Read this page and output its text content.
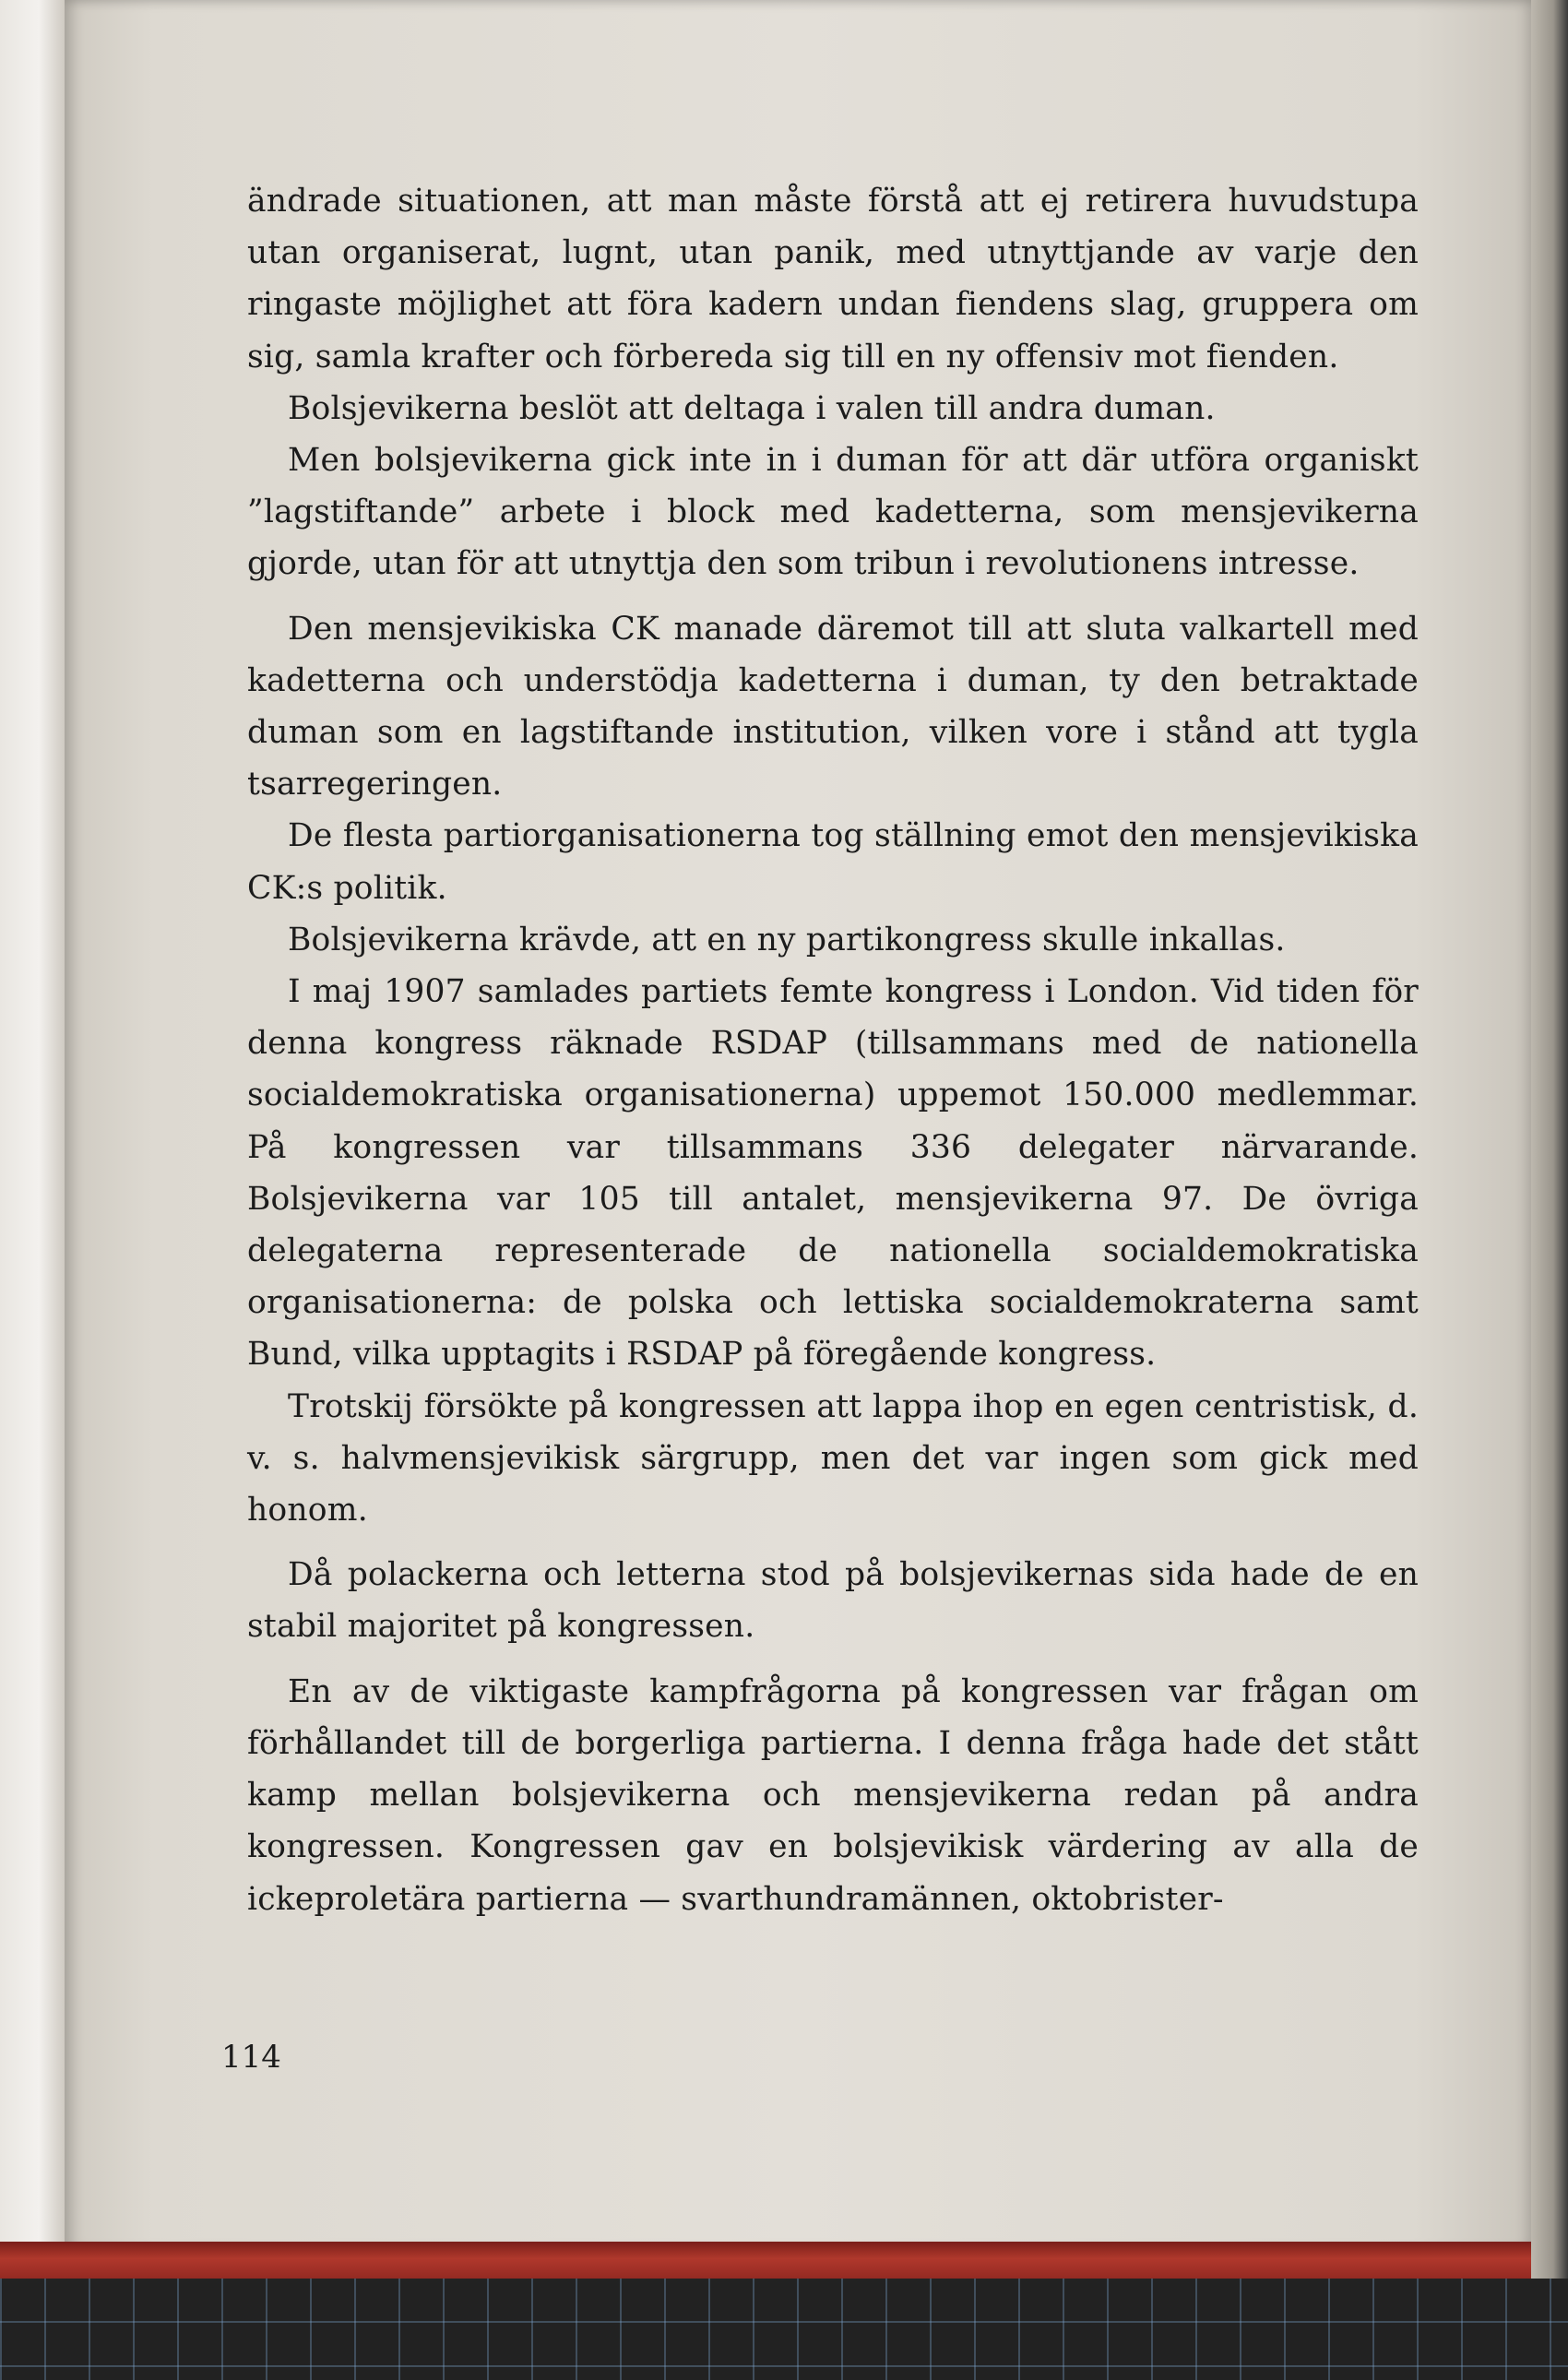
ändrade situationen, att man måste förstå att ej retirera huvudstupa utan organiserat, lugnt, utan panik, med utnyttjande av varje den ringaste möjlighet att föra kadern undan fiendens slag, gruppera om sig, samla krafter och förbereda sig till en ny offensiv mot fienden.

Bolsjevikerna beslöt att deltaga i valen till andra duman.

Men bolsjevikerna gick inte in i duman för att där utföra organiskt ”lagstiftande” arbete i block med kadetterna, som mensjevikerna gjorde, utan för att utnyttja den som tribun i revolutionens intresse.

Den mensjevikiska CK manade däremot till att sluta valkartell med kadetterna och understödja kadetterna i duman, ty den betraktade duman som en lagstiftande institution, vilken vore i stånd att tygla tsarregeringen.

De flesta partiorganisationerna tog ställning emot den mensjevikiska CK:s politik.

Bolsjevikerna krävde, att en ny partikongress skulle inkallas.

I maj 1907 samlades partiets femte kongress i London. Vid tiden för denna kongress räknade RSDAP (tillsammans med de nationella socialdemokratiska organisationerna) uppemot 150.000 medlemmar. På kongressen var tillsammans 336 delegater närvarande. Bolsjevikerna var 105 till antalet, mensjevikerna 97. De övriga delegaterna representerade de nationella socialdemokratiska organisationerna: de polska och lettiska socialdemokraterna samt Bund, vilka upptagits i RSDAP på föregående kongress.

Trotskij försökte på kongressen att lappa ihop en egen centristisk, d. v. s. halvmensjevikisk särgrupp, men det var ingen som gick med honom.

Då polackerna och letterna stod på bolsjevikernas sida hade de en stabil majoritet på kongressen.

En av de viktigaste kampfrågorna på kongressen var frågan om förhållandet till de borgerliga partierna. I denna fråga hade det stått kamp mellan bolsjevikerna och mensjevikerna redan på andra kongressen. Kongressen gav en bolsjevikisk värdering av alla de ickeproletära partierna — svarthundramännen, oktobrister-

114
